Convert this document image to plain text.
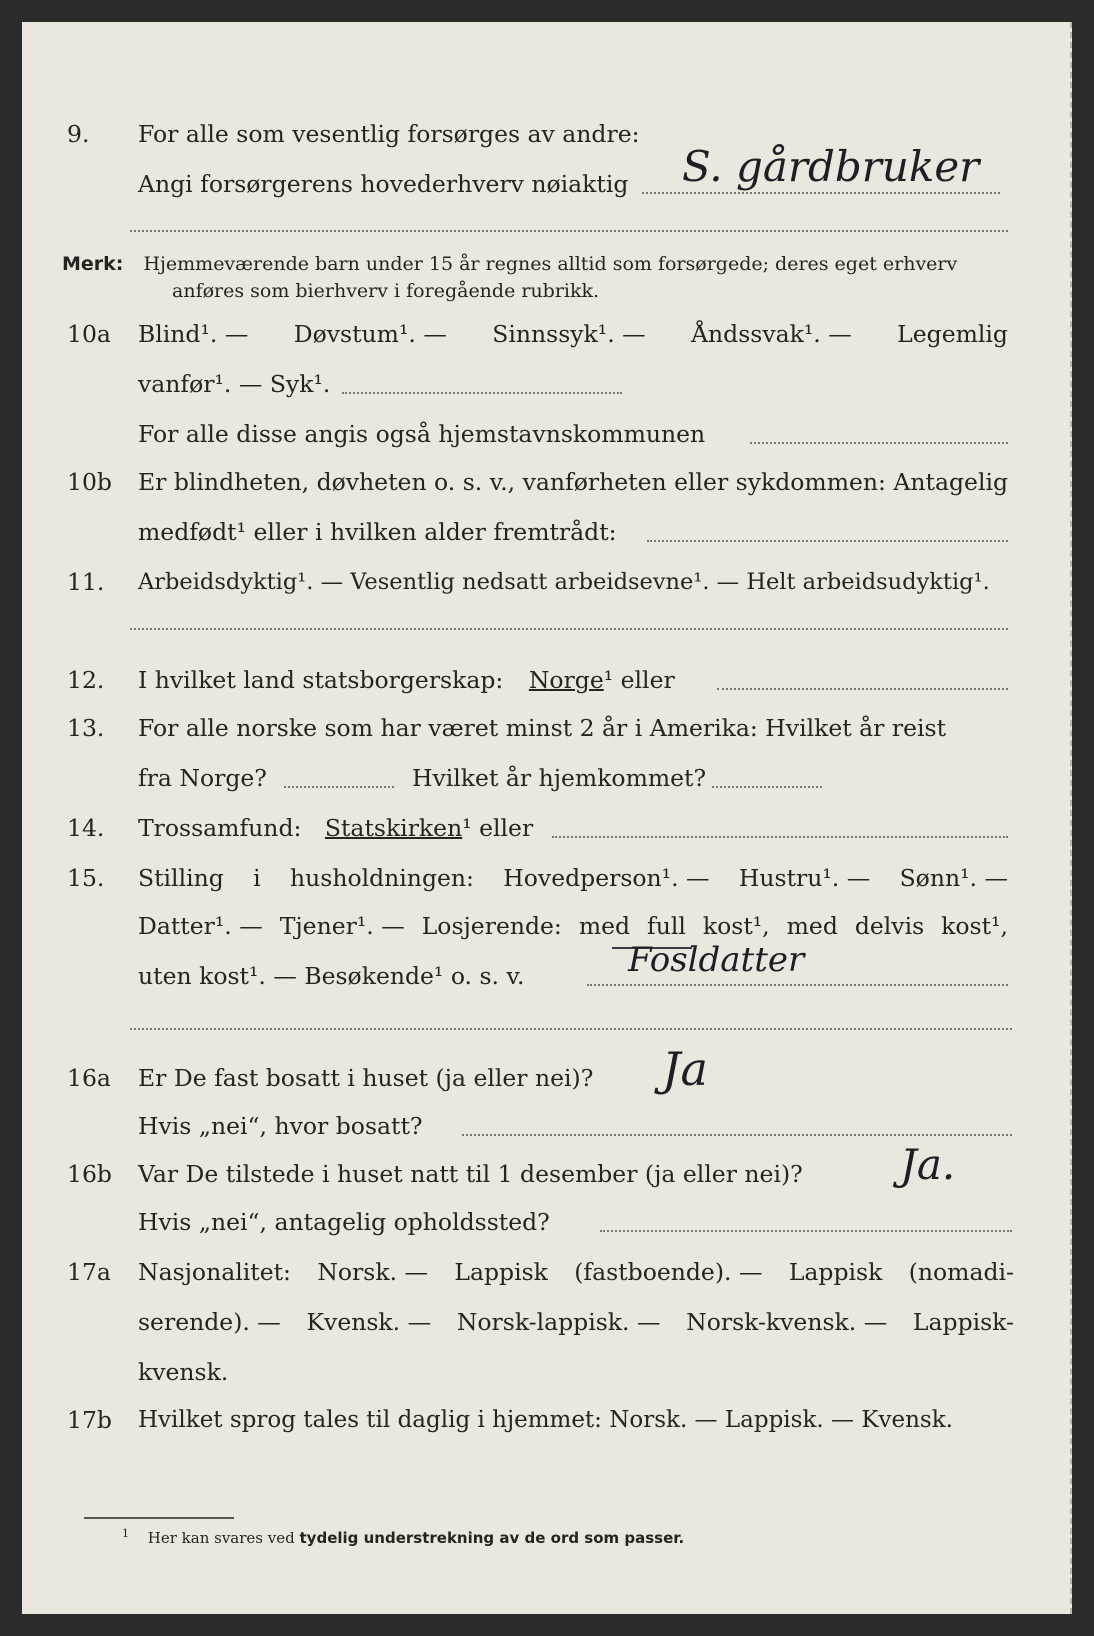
9. For alle som vesentlig forsørges av andre:
Angi forsørgerens hovederhverv nøiaktig S. gårdbruker
Merk: Hjemmeværende barn under 15 år regnes alltid som forsørgede; deres eget erhverv
anføres som bierhverv i foregående rubrikk.
10a Blind¹. — Døvstum¹. — Sinnssyk¹. — Åndssvak¹. — Legemlig
vanfør¹. — Syk¹.
For alle disse angis også hjemstavnskommunen
10b Er blindheten, døvheten o. s. v., vanførheten eller sykdommen: Antagelig
medfødt¹ eller i hvilken alder fremtrådt:
11. Arbeidsdyktig¹. — Vesentlig nedsatt arbeidsevne¹. — Helt arbeidsudyktig¹.
12. I hvilket land statsborgerskap: Norge¹ eller
13. For alle norske som har været minst 2 år i Amerika: Hvilket år reist
fra Norge?	Hvilket år hjemkommet?
14. Trossamfund: Statskirken¹ eller
15. Stilling i husholdningen: Hovedperson¹. — Hustru¹. — Sønn¹. —
Datter¹. — Tjener¹. — Losjerende: med full kost¹, med delvis kost¹,
uten kost¹. — Besøkende¹ o. s. v.	Fosldatter
16a Er De fast bosatt i huset (ja eller nei)? Ja
Hvis „nei“, hvor bosatt?
16b Var De tilstede i huset natt til 1 desember (ja eller nei)? Ja.
Hvis „nei“, antagelig opholdssted?
17a Nasjonalitet: Norsk. — Lappisk (fastboende). — Lappisk (nomadi-
serende). — Kvensk. — Norsk-lappisk. — Norsk-kvensk. — Lappisk-
kvensk.
17b Hvilket sprog tales til daglig i hjemmet: Norsk. — Lappisk. — Kvensk.
$^1$ Her kan svares ved tydelig understrekning av de ord som passer.
